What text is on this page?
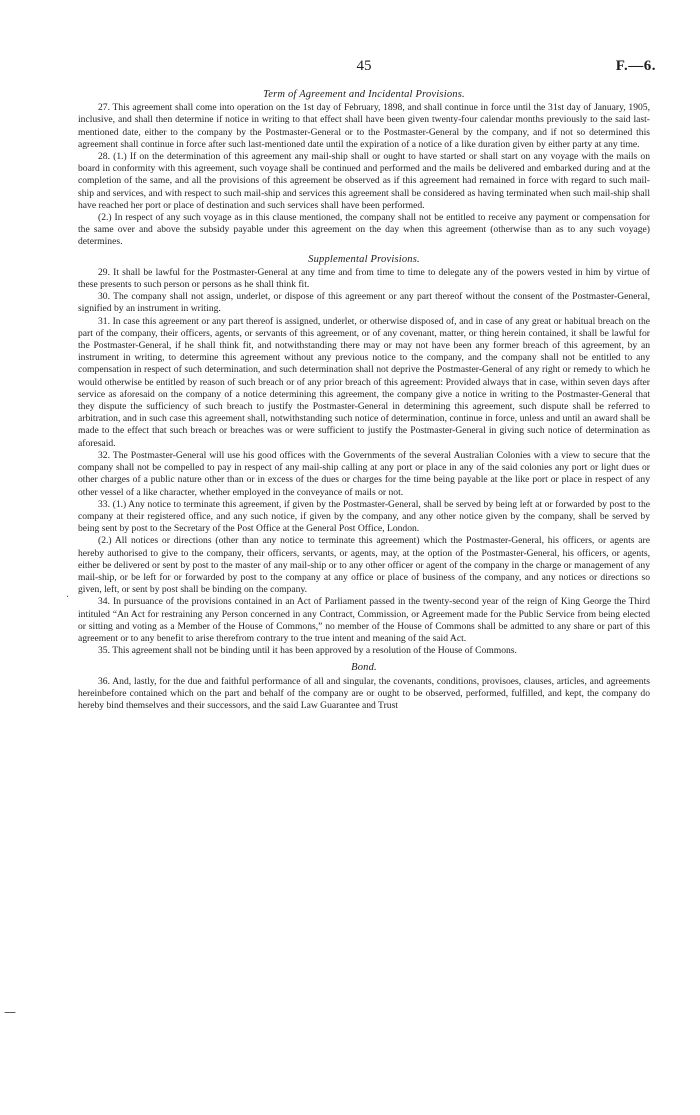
45	F.—6.
Term of Agreement and Incidental Provisions.

27. This agreement shall come into operation on the 1st day of February, 1898, and shall continue in force until the 31st day of January, 1905, inclusive, and shall then determine if notice in writing to that effect shall have been given twenty-four calendar months previously to the said last-mentioned date, either to the company by the Postmaster-General or to the Postmaster-General by the company, and if not so determined this agreement shall continue in force after such last-mentioned date until the expiration of a notice of a like duration given by either party at any time.

28. (1.) If on the determination of this agreement any mail-ship shall or ought to have started or shall start on any voyage with the mails on board in conformity with this agreement, such voyage shall be continued and performed and the mails be delivered and embarked during and at the completion of the same, and all the provisions of this agreement be observed as if this agreement had remained in force with regard to such mail-ship and services, and with respect to such mail-ship and services this agreement shall be considered as having terminated when such mail-ship shall have reached her port or place of destination and such services shall have been performed.

(2.) In respect of any such voyage as in this clause mentioned, the company shall not be entitled to receive any payment or compensation for the same over and above the subsidy payable under this agreement on the day when this agreement (otherwise than as to any such voyage) determines.

Supplemental Provisions.

29. It shall be lawful for the Postmaster-General at any time and from time to time to delegate any of the powers vested in him by virtue of these presents to such person or persons as he shall think fit.

30. The company shall not assign, underlet, or dispose of this agreement or any part thereof without the consent of the Postmaster-General, signified by an instrument in writing.

31. In case this agreement or any part thereof is assigned, underlet, or otherwise disposed of, and in case of any great or habitual breach on the part of the company, their officers, agents, or servants of this agreement, or of any covenant, matter, or thing herein contained, it shall be lawful for the Postmaster-General, if he shall think fit, and notwithstanding there may or may not have been any former breach of this agreement, by an instrument in writing, to determine this agreement without any previous notice to the company, and the company shall not be entitled to any compensation in respect of such determination, and such determination shall not deprive the Postmaster-General of any right or remedy to which he would otherwise be entitled by reason of such breach or of any prior breach of this agreement: Provided always that in case, within seven days after service as aforesaid on the company of a notice determining this agreement, the company give a notice in writing to the Postmaster-General that they dispute the sufficiency of such breach to justify the Postmaster-General in determining this agreement, such dispute shall be referred to arbitration, and in such case this agreement shall, notwithstanding such notice of determination, continue in force, unless and until an award shall be made to the effect that such breach or breaches was or were sufficient to justify the Postmaster-General in giving such notice of determination as aforesaid.

32. The Postmaster-General will use his good offices with the Governments of the several Australian Colonies with a view to secure that the company shall not be compelled to pay in respect of any mail-ship calling at any port or place in any of the said colonies any port or light dues or other charges of a public nature other than or in excess of the dues or charges for the time being payable at the like port or place in respect of any other vessel of a like character, whether employed in the conveyance of mails or not.

33. (1.) Any notice to terminate this agreement, if given by the Postmaster-General, shall be served by being left at or forwarded by post to the company at their registered office, and any such notice, if given by the company, and any other notice given by the company, shall be served by being sent by post to the Secretary of the Post Office at the General Post Office, London.

(2.) All notices or directions (other than any notice to terminate this agreement) which the Postmaster-General, his officers, or agents are hereby authorised to give to the company, their officers, servants, or agents, may, at the option of the Postmaster-General, his officers, or agents, either be delivered or sent by post to the master of any mail-ship or to any other officer or agent of the company in the charge or management of any mail-ship, or be left for or forwarded by post to the company at any office or place of business of the company, and any notices or directions so given, left, or sent by post shall be binding on the company.

34. In pursuance of the provisions contained in an Act of Parliament passed in the twenty-second year of the reign of King George the Third intituled “An Act for restraining any Person concerned in any Contract, Commission, or Agreement made for the Public Service from being elected or sitting and voting as a Member of the House of Commons,” no member of the House of Commons shall be admitted to any share or part of this agreement or to any benefit to arise therefrom contrary to the true intent and meaning of the said Act.

35. This agreement shall not be binding until it has been approved by a resolution of the House of Commons.

Bond.

36. And, lastly, for the due and faithful performance of all and singular, the covenants, conditions, provisoes, clauses, articles, and agreements hereinbefore contained which on the part and behalf of the company are or ought to be observed, performed, fulfilled, and kept, the company do hereby bind themselves and their successors, and the said Law Guarantee and Trust

.
—
